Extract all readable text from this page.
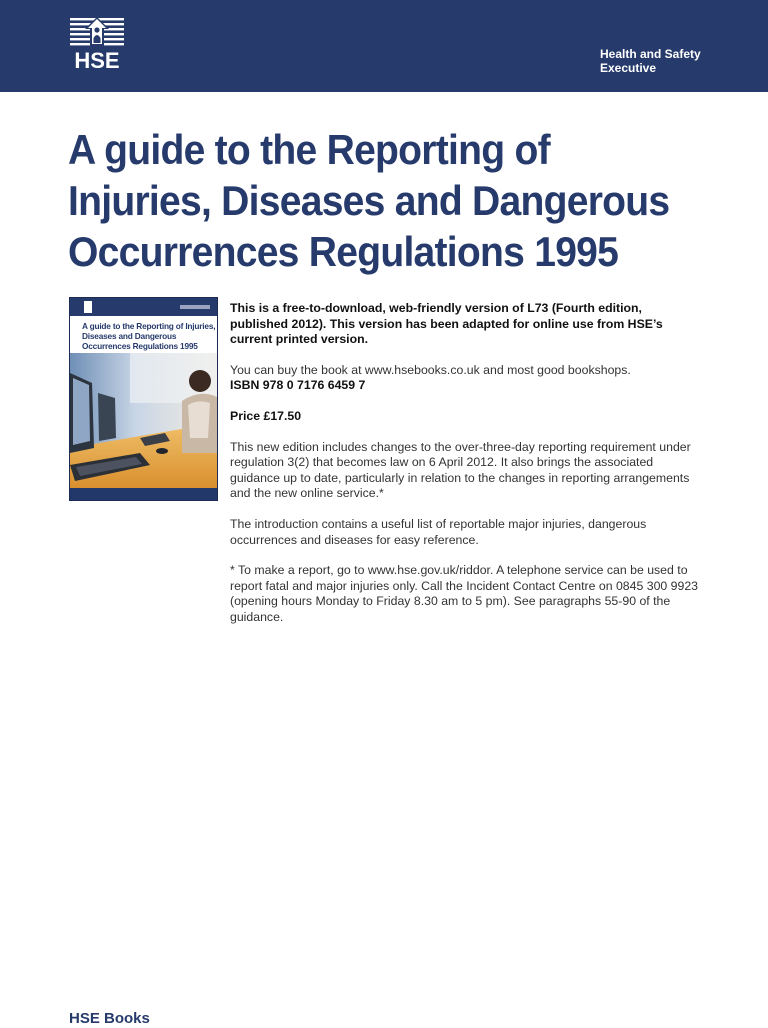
HSE	Health and Safety
Executive
A guide to the Reporting of Injuries, Diseases and Dangerous Occurrences Regulations 1995

A guide to the Reporting of Injuries, Diseases and Dangerous Occurrences Regulations 1995

This is a free-to-download, web-friendly version of L73 (Fourth edition, published 2012). This version has been adapted for online use from HSE’s current printed version.

You can buy the book at www.hsebooks.co.uk and most good bookshops.

ISBN 978 0 7176 6459 7

Price £17.50

This new edition includes changes to the over-three-day reporting requirement under regulation 3(2) that becomes law on 6 April 2012. It also brings the associated guidance up to date, particularly in relation to the changes in reporting arrangements and the new online service.*

The introduction contains a useful list of reportable major injuries, dangerous occurrences and diseases for easy reference.

* To make a report, go to www.hse.gov.uk/riddor. A telephone service can be used to report fatal and major injuries only. Call the Incident Contact Centre on 0845 300 9923 (opening hours Monday to Friday 8.30 am to 5 pm). See paragraphs 55-90 of the guidance.

HSE Books
